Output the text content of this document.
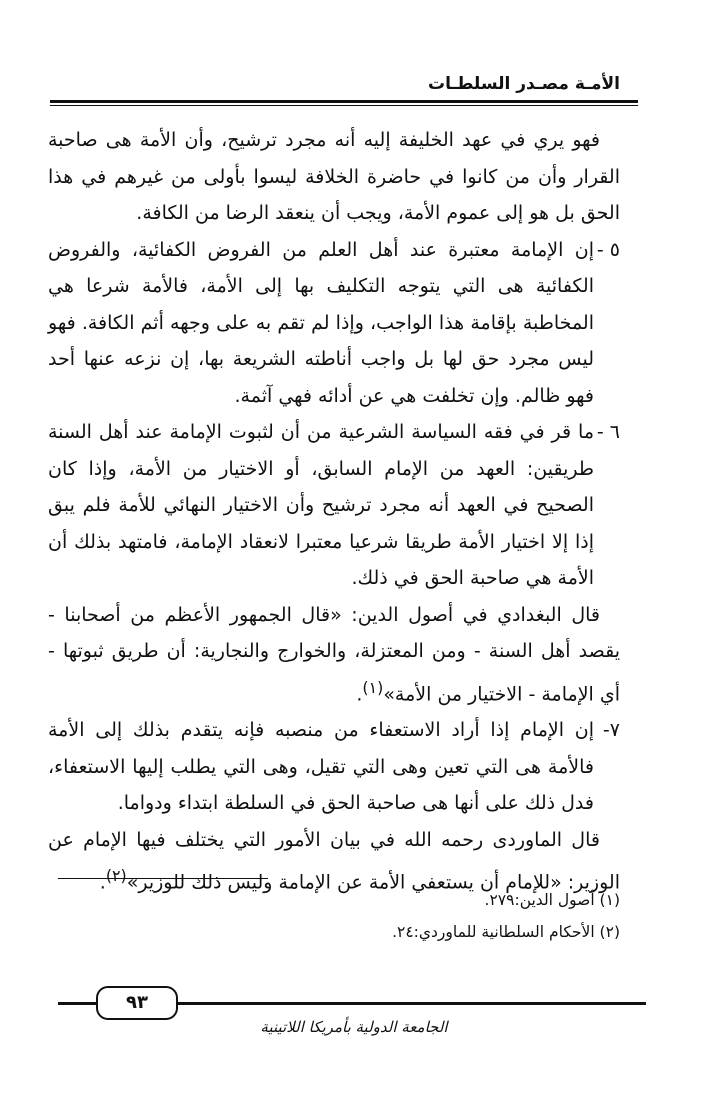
الأمـة مصـدر السلطـات

فهو يري في عهد الخليفة إليه أنه مجرد ترشيح، وأن الأمة هى صاحبة القرار وأن من كانوا في حاضرة الخلافة ليسوا بأولى من غيرهم في هذا الحق بل هو إلى عموم الأمة، ويجب أن ينعقد الرضا من الكافة.

٥ -
إن الإمامة معتبرة عند أهل العلم من الفروض الكفائية، والفروض الكفائية هى التي يتوجه التكليف بها إلى الأمة، فالأمة شرعا هي المخاطبة بإقامة هذا الواجب، وإذا لم تقم به على وجهه أثم الكافة. فهو ليس مجرد حق لها بل واجب أناطته الشريعة بها، إن نزعه عنها أحد فهو ظالم. وإن تخلفت هي عن أدائه فهي آثمة.
٦ -
ما قر في فقه السياسة الشرعية من أن لثبوت الإمامة عند أهل السنة طريقين: العهد من الإمام السابق، أو الاختيار من الأمة، وإذا كان الصحيح في العهد أنه مجرد ترشيح وأن الاختيار النهائي للأمة فلم يبق إذا إلا اختيار الأمة طريقا شرعيا معتبرا لانعقاد الإمامة، فامتهد بذلك أن الأمة هي صاحبة الحق في ذلك.

قال البغدادي في أصول الدين: «قال الجمهور الأعظم من أصحابنا - يقصد أهل السنة - ومن المعتزلة، والخوارج والنجارية: أن طريق ثبوتها - أي الإمامة - الاختيار من الأمة»$^{(١)}$.

٧-
إن الإمام إذا أراد الاستعفاء من منصبه فإنه يتقدم بذلك إلى الأمة فالأمة هى التي تعين وهى التي تقيل، وهى التي يطلب إليها الاستعفاء، فدل ذلك على أنها هى صاحبة الحق في السلطة ابتداء ودواما.

قال الماوردى رحمه الله في بيان الأمور التي يختلف فيها الإمام عن الوزير: «للإمام أن يستعفي الأمة عن الإمامة وليس ذلك للوزير»$^{(٢)}$.

(١) أصول الدين:٢٧٩.
(٢) الأحكام السلطانية للماوردي:٢٤.
٩٣
الجامعة الدولية بأمريكا اللاتينية
